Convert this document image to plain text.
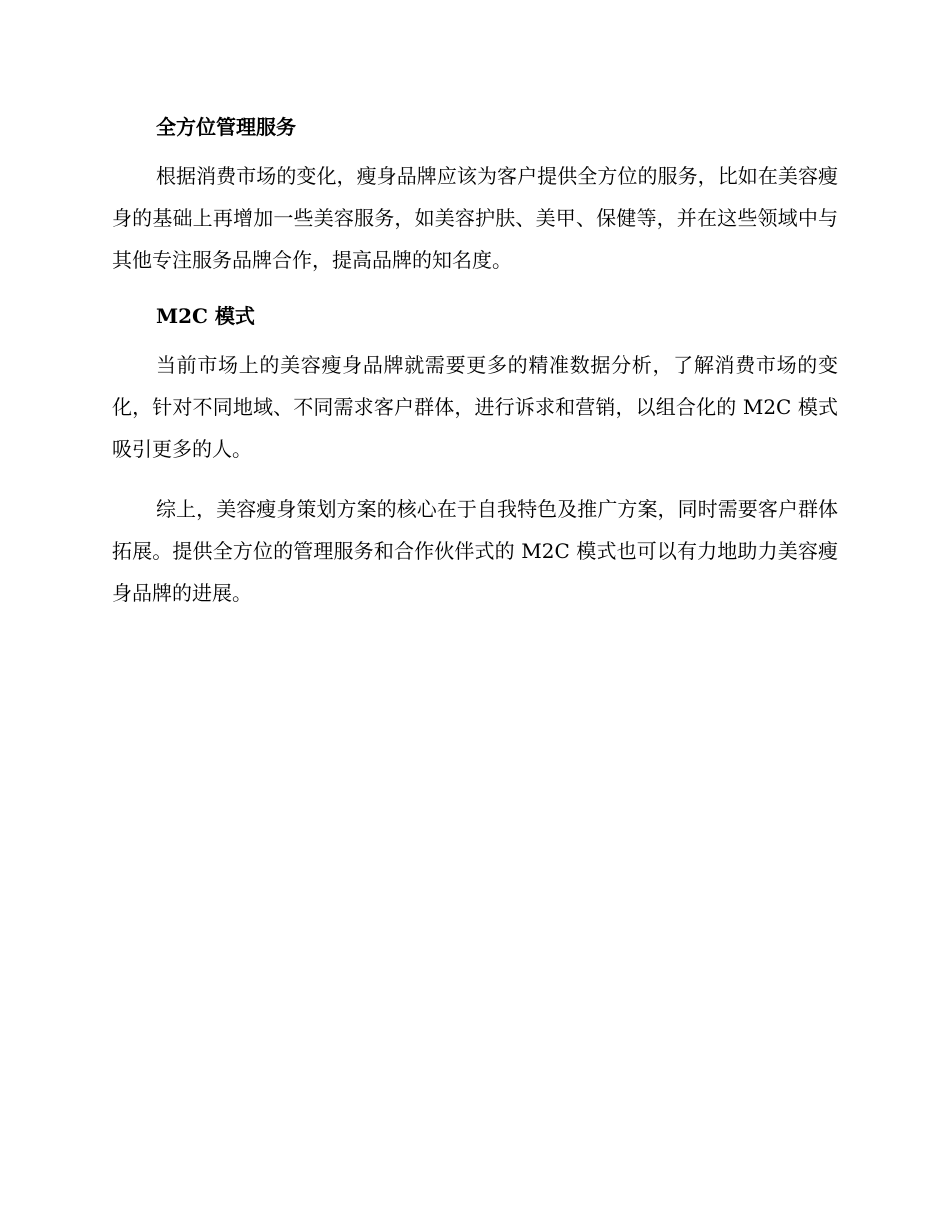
全方位管理服务

根据消费市场的变化，瘦身品牌应该为客户提供全方位的服务，比如在美容瘦身的基础上再增加一些美容服务，如美容护肤、美甲、保健等，并在这些领域中与其他专注服务品牌合作，提高品牌的知名度。

M2C 模式

当前市场上的美容瘦身品牌就需要更多的精准数据分析，了解消费市场的变化，针对不同地域、不同需求客户群体，进行诉求和营销，以组合化的 M2C 模式吸引更多的人。

综上，美容瘦身策划方案的核心在于自我特色及推广方案，同时需要客户群体拓展。提供全方位的管理服务和合作伙伴式的 M2C 模式也可以有力地助力美容瘦身品牌的进展。
